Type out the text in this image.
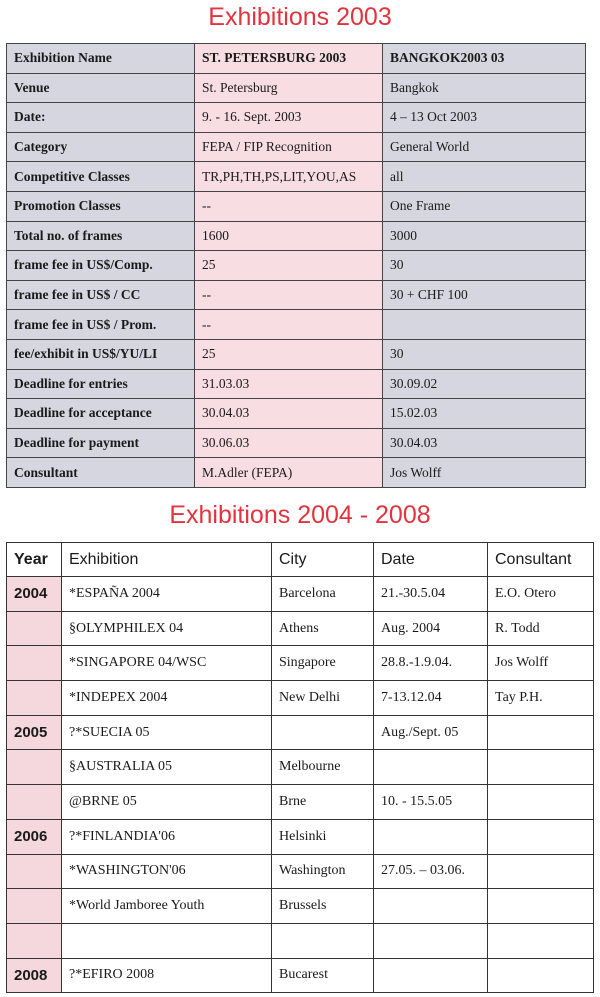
Exhibitions 2003
Exhibition Name	ST. PETERSBURG 2003	BANGKOK2003 03
Venue	St. Petersburg	Bangkok
Date:	9. - 16. Sept. 2003	4 – 13 Oct 2003
Category	FEPA / FIP Recognition	General World
Competitive Classes	TR,PH,TH,PS,LIT,YOU,AS	all
Promotion Classes	--	One Frame
Total no. of frames	1600	3000
frame fee in US$/Comp.	25	30
frame fee in US$ / CC	--	30 + CHF 100
frame fee in US$ / Prom.	--	
fee/exhibit in US$/YU/LI	25	30
Deadline for entries	31.03.03	30.09.02
Deadline for acceptance	30.04.03	15.02.03
Deadline for payment	30.06.03	30.04.03
Consultant	M.Adler (FEPA)	Jos Wolff
Exhibitions 2004 - 2008
Year	Exhibition	City	Date	Consultant
2004	*ESPAÑA 2004	Barcelona	21.-30.5.04	E.O. Otero
	§OLYMPHILEX 04	Athens	Aug. 2004	R. Todd
	*SINGAPORE 04/WSC	Singapore	28.8.-1.9.04.	Jos Wolff
	*INDEPEX 2004	New Delhi	7-13.12.04	Tay P.H.
2005	?*SUECIA 05		Aug./Sept. 05	
	§AUSTRALIA 05	Melbourne		
	@BRNE 05	Brne	10. - 15.5.05	
2006	?*FINLANDIA'06	Helsinki		
	*WASHINGTON'06	Washington	27.05. – 03.06.	
	*World Jamboree Youth	Brussels		

2008	?*EFIRO 2008	Bucarest		
